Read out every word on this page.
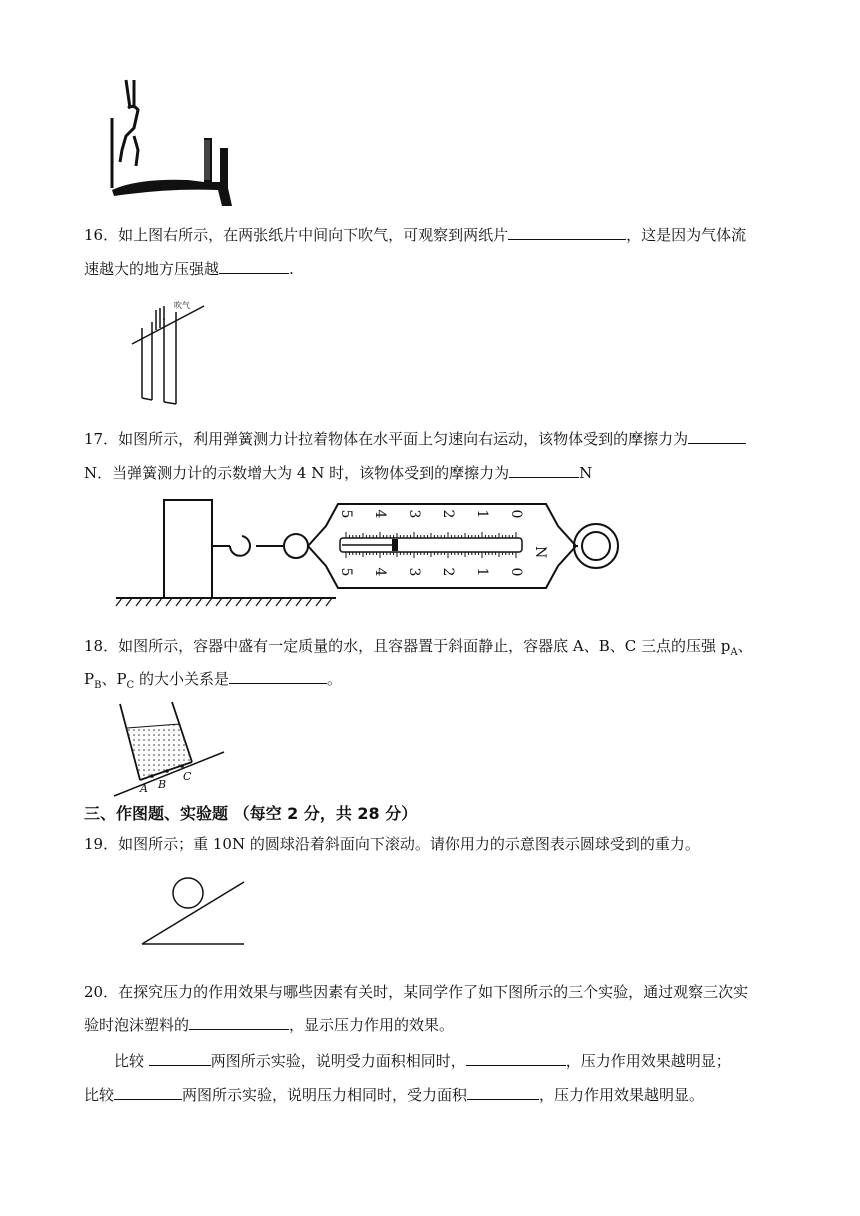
16．如上图右所示，在两张纸片中间向下吹气，可观察到两纸片	，这是因为气体流
速越大的地方压强越	.
吹气
17．如图所示，利用弹簧测力计拉着物体在水平面上匀速向右运动，该物体受到的摩擦力为
N．当弹簧测力计的示数增大为 4 N 时，该物体受到的摩擦力为	N
0
1
2
3
4
5
0
1
2
3
4
5
N
18．如图所示，容器中盛有一定质量的水，且容器置于斜面静止，容器底 A、B、C 三点的压强 $p_A$、
$P_B$、$P_C$ 的大小关系是	。
A B
C
三、作图题、实验题 （每空 2 分，共 28 分）
19．如图所示；重 10N 的圆球沿着斜面向下滚动。请你用力的示意图表示圆球受到的重力。
20．在探究压力的作用效果与哪些因素有关时，某同学作了如下图所示的三个实验，通过观察三次实
验时泡沫塑料的	，显示压力作用的效果。
比较	两图所示实验，说明受力面积相同时，	，压力作用效果越明显；
比较	两图所示实验，说明压力相同时，受力面积	，压力作用效果越明显。
